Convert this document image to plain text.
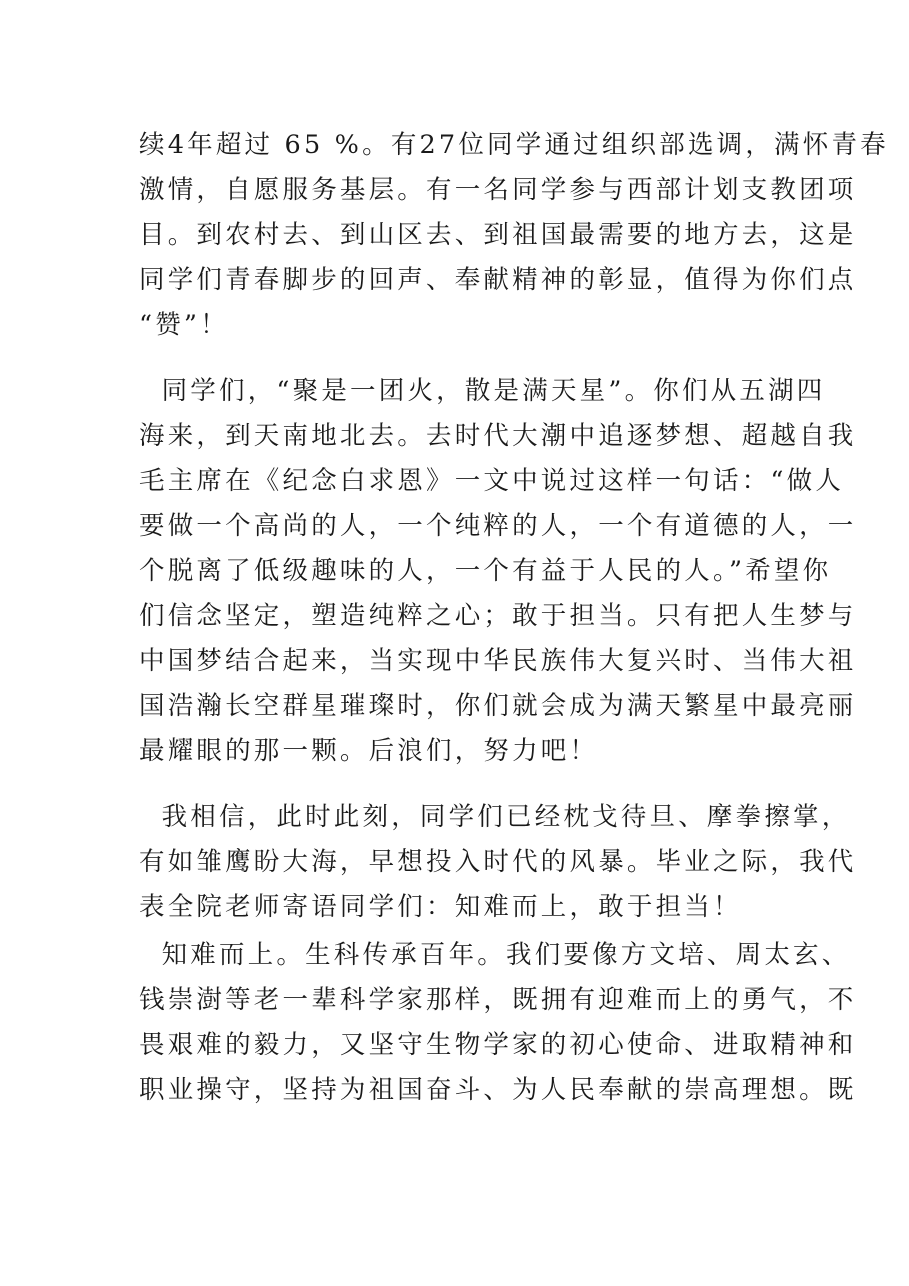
续4年超过 65 %。有27位同学通过组织部选调，满怀青春
激情，自愿服务基层。有一名同学参与西部计划支教团项
目。到农村去、到山区去、到祖国最需要的地方去，这是
同学们青春脚步的回声、奉献精神的彰显，值得为你们点
“赞”！
同学们，“聚是一团火，散是满天星”。你们从五湖四
海来，到天南地北去。去时代大潮中追逐梦想、超越自我
毛主席在《纪念白求恩》一文中说过这样一句话：“做人
要做一个高尚的人，一个纯粹的人，一个有道德的人，一
个脱离了低级趣味的人，一个有益于人民的人。”希望你
们信念坚定，塑造纯粹之心；敢于担当。只有把人生梦与
中国梦结合起来，当实现中华民族伟大复兴时、当伟大祖
国浩瀚长空群星璀璨时，你们就会成为满天繁星中最亮丽
最耀眼的那一颗。后浪们，努力吧！
我相信，此时此刻，同学们已经枕戈待旦、摩拳擦掌，
有如雏鹰盼大海，早想投入时代的风暴。毕业之际，我代
表全院老师寄语同学们：知难而上，敢于担当！
知难而上。生科传承百年。我们要像方文培、周太玄、
钱崇澍等老一辈科学家那样，既拥有迎难而上的勇气，不
畏艰难的毅力，又坚守生物学家的初心使命、进取精神和
职业操守，坚持为祖国奋斗、为人民奉献的崇高理想。既
